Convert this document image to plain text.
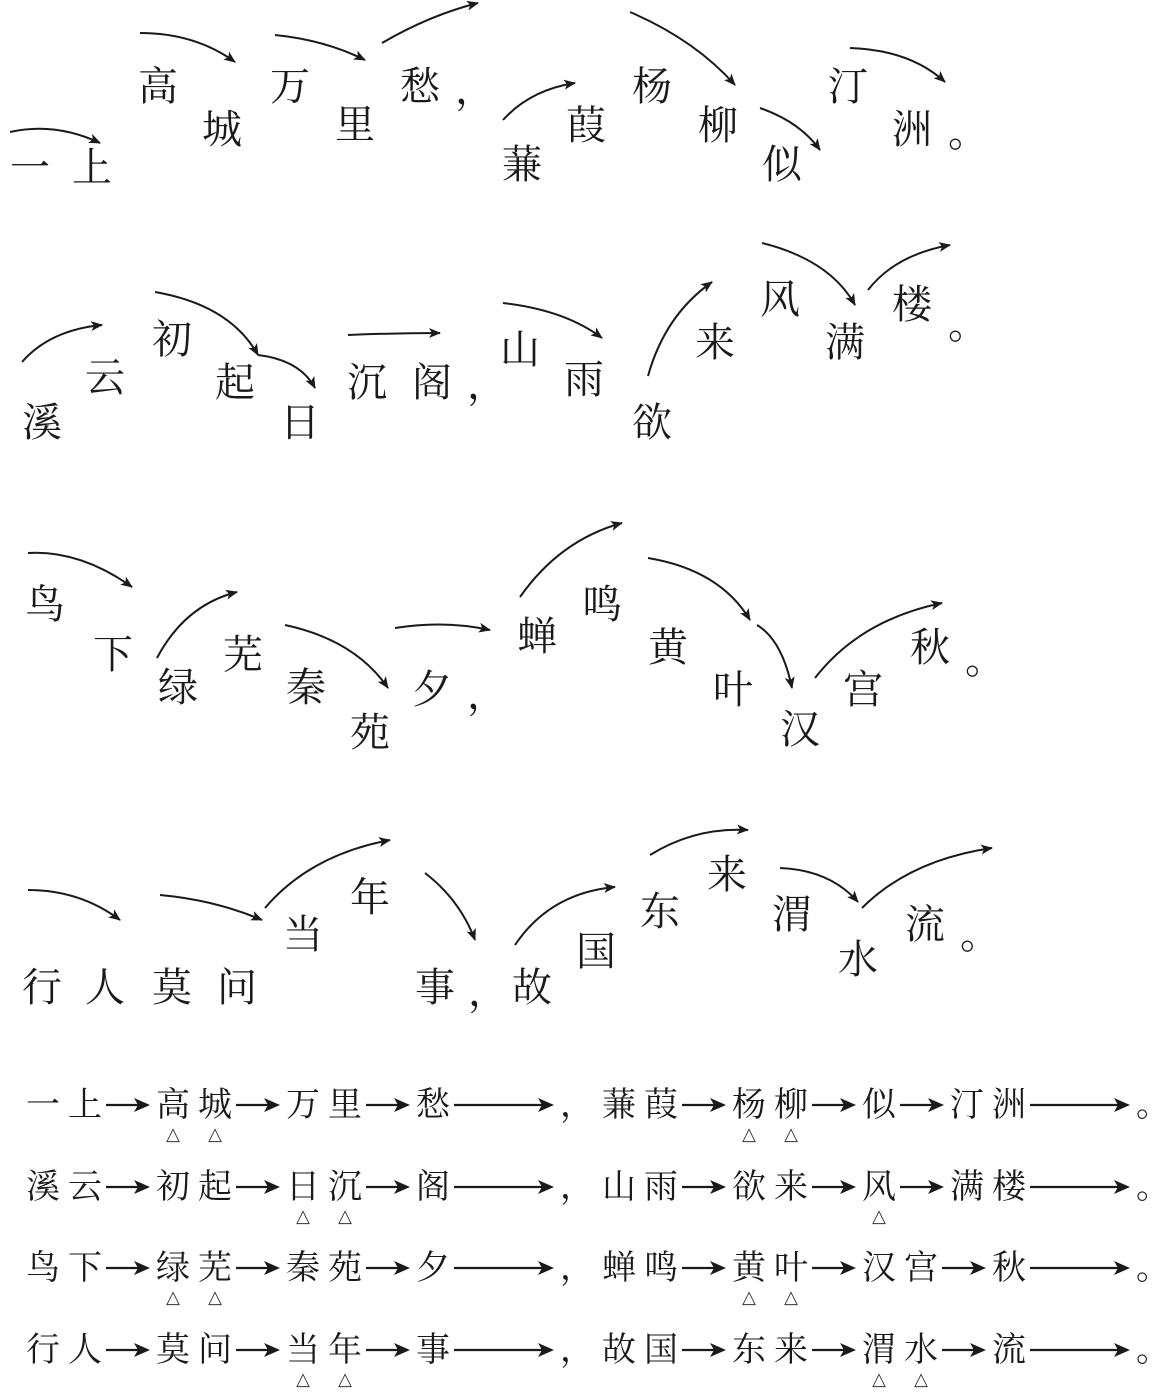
一 上
高
城
万
里
愁 ，
蒹
葭
杨
柳
似
汀
洲 。
溪
云
初
起
日
沉 阁 ，
山
雨
欲
来
风
满
楼 。
鸟
下
绿
芜
秦
苑
夕 ，
蝉
鸣
黄
叶
汉
宫
秋 。
行 人 莫 问
当
年
事 ， 故
国
东
来
渭
水
流 。
一 上 高
△
城
△
万 里 愁	， 蒹 葭 杨
△
柳
△
似 汀 洲	。
溪 云 初 起 日
△
沉
△
阁	， 山 雨 欲 来 风
△
满 楼	。
鸟 下 绿
△
芜
△
秦 苑 夕	， 蝉 鸣 黄
△
叶
△
汉 宫 秋	。
行 人 莫 问 当
△
年
△
事	， 故 国 东 来 渭
△
水
△
流	。
